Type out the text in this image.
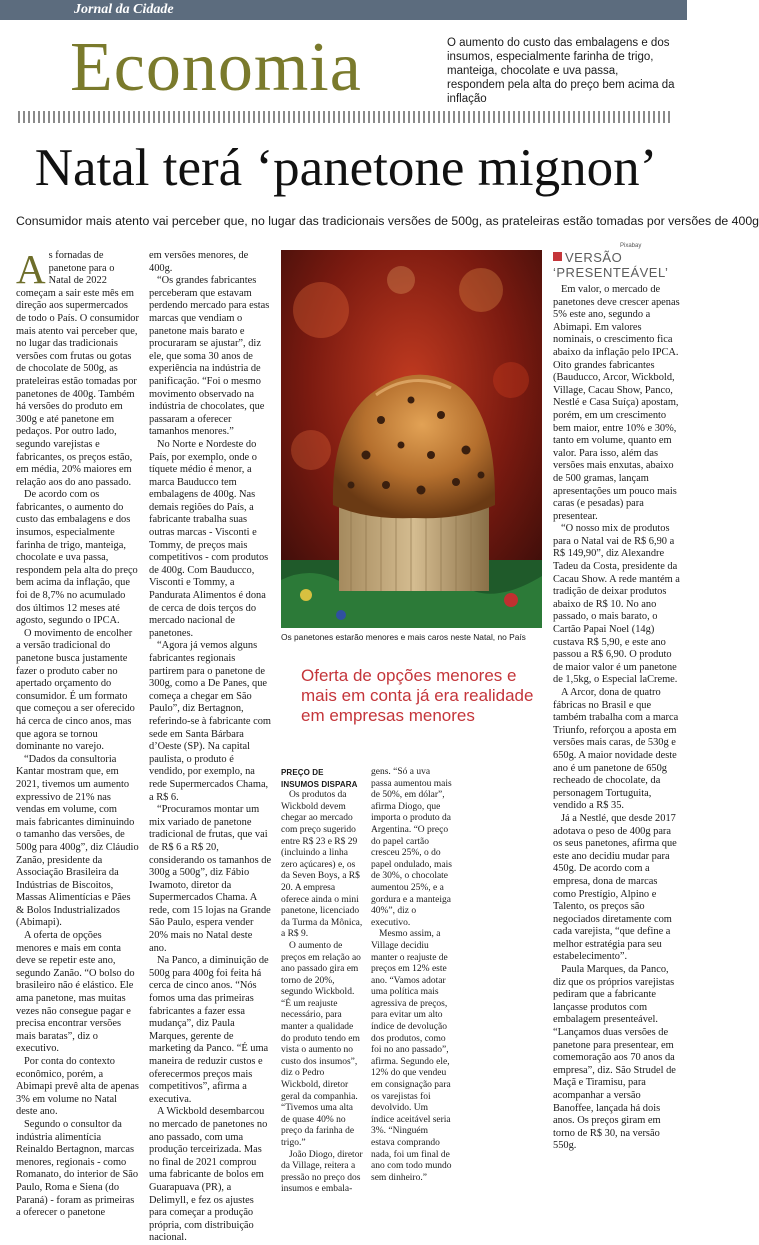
Jornal da Cidade
Economia	O aumento do custo das embalagens e dos insumos, especialmente farinha de trigo, manteiga, chocolate e uva passa, respondem pela alta do preço bem acima da inflação
Natal terá ‘panetone mignon’
Consumidor mais atento vai perceber que, no lugar das tradicionais versões de 500g, as prateleiras estão tomadas por versões de 400g

As fornadas de panetone para o Natal de 2022 começam a sair este mês em direção aos supermercados de todo o País. O consumidor mais atento vai perceber que, no lugar das tradicionais versões com frutas ou gotas de chocolate de 500g, as prateleiras estão tomadas por panetones de 400g. Também há versões do produto em 300g e até panetone em pedaços. Por outro lado, segundo varejistas e fabricantes, os preços estão, em média, 20% maiores em relação aos do ano passado.

De acordo com os fabricantes, o aumento do custo das embalagens e dos insumos, especialmente farinha de trigo, manteiga, chocolate e uva passa, respondem pela alta do preço bem acima da inflação, que foi de 8,7% no acumulado dos últimos 12 meses até agosto, segundo o IPCA.

O movimento de encolher a versão tradicional do panetone busca justamente fazer o produto caber no apertado orçamento do consumidor. É um formato que começou a ser oferecido há cerca de cinco anos, mas que agora se tornou dominante no varejo.

“Dados da consultoria Kantar mostram que, em 2021, tivemos um aumento expressivo de 21% nas vendas em volume, com mais fabricantes diminuindo o tamanho das versões, de 500g para 400g”, diz Cláudio Zanão, presidente da Associação Brasileira da Indústrias de Biscoitos, Massas Alimentícias e Pães & Bolos Industrializados (Abimapi).

A oferta de opções menores e mais em conta deve se repetir este ano, segundo Zanão. “O bolso do brasileiro não é elástico. Ele ama panetone, mas muitas vezes não consegue pagar e precisa encontrar versões mais baratas”, diz o executivo.

Por conta do contexto econômico, porém, a Abimapi prevê alta de apenas 3% em volume no Natal deste ano.

Segundo o consultor da indústria alimentícia Reinaldo Bertagnon, marcas menores, regionais - como Romanato, do interior de São Paulo, Roma e Siena (do Paraná) - foram as primeiras a oferecer o panetone

em versões menores, de 400g.

“Os grandes fabricantes perceberam que estavam perdendo mercado para estas marcas que vendiam o panetone mais barato e procuraram se ajustar”, diz ele, que soma 30 anos de experiência na indústria de panificação. “Foi o mesmo movimento observado na indústria de chocolates, que passaram a oferecer tamanhos menores.”

No Norte e Nordeste do País, por exemplo, onde o tíquete médio é menor, a marca Bauducco tem embalagens de 400g. Nas demais regiões do País, a fabricante trabalha suas outras marcas - Visconti e Tommy, de preços mais competitivos - com produtos de 400g. Com Bauducco, Visconti e Tommy, a Pandurata Alimentos é dona de cerca de dois terços do mercado nacional de panetones.

“Agora já vemos alguns fabricantes regionais partirem para o panetone de 300g, como a De Panes, que começa a chegar em São Paulo”, diz Bertagnon, referindo-se à fabricante com sede em Santa Bárbara d’Oeste (SP). Na capital paulista, o produto é vendido, por exemplo, na rede Supermercados Chama, a R$ 6.

“Procuramos montar um mix variado de panetone tradicional de frutas, que vai de R$ 6 a R$ 20, considerando os tamanhos de 300g a 500g”, diz Fábio Iwamoto, diretor da Supermercados Chama. A rede, com 15 lojas na Grande São Paulo, espera vender 20% mais no Natal deste ano.

Na Panco, a diminuição de 500g para 400g foi feita há cerca de cinco anos. “Nós fomos uma das primeiras fabricantes a fazer essa mudança”, diz Paula Marques, gerente de marketing da Panco. “É uma maneira de reduzir custos e oferecermos preços mais competitivos”, afirma a executiva.

A Wickbold desembarcou no mercado de panetones no ano passado, com uma produção terceirizada. Mas no final de 2021 comprou uma fabricante de bolos em Guarapuava (PR), a Delimyll, e fez os ajustes para começar a produção própria, com distribuição nacional.

Pixabay
Os panetones estarão menores e mais caros neste Natal, no País
Oferta de opções menores e mais em conta já era realidade em empresas menores

PREÇO DE INSUMOS DISPARA

Os produtos da Wickbold devem chegar ao mercado com preço sugerido entre R$ 23 e R$ 29 (incluindo a linha zero açúcares) e, os da Seven Boys, a R$ 20. A empresa oferece ainda o mini panetone, licenciado da Turma da Mônica, a R$ 9.

O aumento de preços em relação ao ano passado gira em torno de 20%, segundo Wickbold. “É um reajuste necessário, para manter a qualidade do produto tendo em vista o aumento no custo dos insumos”, diz o Pedro Wickbold, diretor geral da companhia. “Tivemos uma alta de quase 40% no preço da farinha de trigo.”

João Diogo, diretor da Village, reitera a pressão no preço dos insumos e embala-

gens. “Só a uva passa aumentou mais de 50%, em dólar”, afirma Diogo, que importa o produto da Argentina. “O preço do papel cartão cresceu 25%, o do papel ondulado, mais de 30%, o chocolate aumentou 25%, e a gordura e a manteiga 40%”, diz o executivo.

Mesmo assim, a Village decidiu manter o reajuste de preços em 12% este ano. “Vamos adotar uma política mais agressiva de preços, para evitar um alto índice de devolução dos produtos, como foi no ano passado”, afirma. Segundo ele, 12% do que vendeu em consignação para os varejistas foi devolvido. Um índice aceitável seria 3%. “Ninguém estava comprando nada, foi um final de ano com todo mundo sem dinheiro.”

VERSÃO ‘PRESENTEÁVEL’

Em valor, o mercado de panetones deve crescer apenas 5% este ano, segundo a Abimapi. Em valores nominais, o crescimento fica abaixo da inflação pelo IPCA. Oito grandes fabricantes (Bauducco, Arcor, Wickbold, Village, Cacau Show, Panco, Nestlé e Casa Suíça) apostam, porém, em um crescimento bem maior, entre 10% e 30%, tanto em volume, quanto em valor. Para isso, além das versões mais enxutas, abaixo de 500 gramas, lançam apresentações um pouco mais caras (e pesadas) para presentear.

“O nosso mix de produtos para o Natal vai de R$ 6,90 a R$ 149,90”, diz Alexandre Tadeu da Costa, presidente da Cacau Show. A rede mantém a tradição de deixar produtos abaixo de R$ 10. No ano passado, o mais barato, o Cartão Papai Noel (14g) custava R$ 5,90, e este ano passou a R$ 6,90. O produto de maior valor é um panetone de 1,5kg, o Especial laCreme.

A Arcor, dona de quatro fábricas no Brasil e que também trabalha com a marca Triunfo, reforçou a aposta em versões mais caras, de 530g e 650g. A maior novidade deste ano é um panetone de 650g recheado de chocolate, da personagem Tortuguita, vendido a R$ 35.

Já a Nestlé, que desde 2017 adotava o peso de 400g para os seus panetones, afirma que este ano decidiu mudar para 450g. De acordo com a empresa, dona de marcas como Prestígio, Alpino e Talento, os preços são negociados diretamente com cada varejista, “que define a melhor estratégia para seu estabelecimento”.

Paula Marques, da Panco, diz que os próprios varejistas pediram que a fabricante lançasse produtos com embalagem presenteável. “Lançamos duas versões de panetone para presentear, em comemoração aos 70 anos da empresa”, diz. São Strudel de Maçã e Tiramisu, para acompanhar a versão Banoffee, lançada há dois anos. Os preços giram em torno de R$ 30, na versão 550g.
